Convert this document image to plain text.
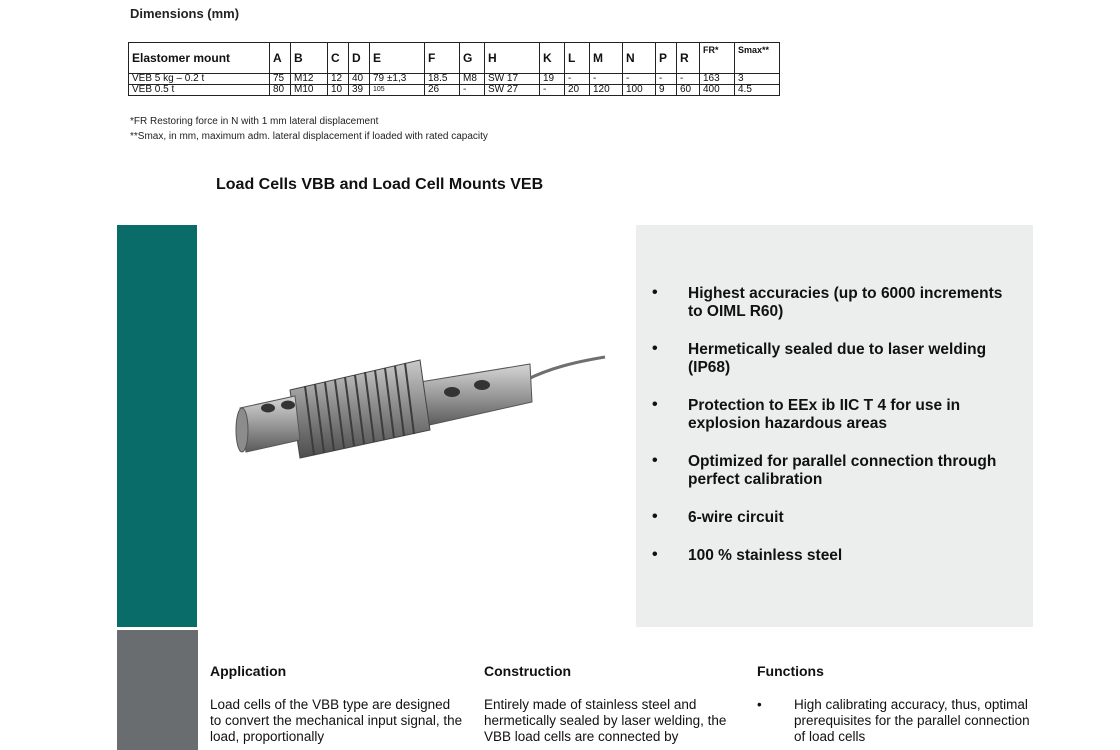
Dimensions (mm)
Elastomer mount	A	B	C	D	E	F	G	H	K	L	M	N	P	R	FR*	Smax**
VEB 5 kg – 0.2 t	75	M12	12	40	79 ±1,3	18.5	M8	SW 17	19	-	-	-	-	-	163	3
VEB 0.5 t	80	M10	10	39	105	26	-	SW 27	-	20	120	100	9	60	400	4.5
*FR Restoring force in N with 1 mm lateral displacement
**Smax, in mm, maximum adm. lateral displacement if loaded with rated capacity
Load Cells VBB and Load Cell Mounts VEB
• Highest accuracies (up to 6000 increments to OIML R60)
• Hermetically sealed due to laser welding (IP68)
• Protection to EEx ib IIC T 4 for use in explosion hazardous areas
• Optimized for parallel connection through perfect calibration
• 6-wire circuit
• 100 % stainless steel
Application	Construction	Functions
Load cells of the VBB type are designed to convert the mechanical input signal, the load, proportionally
Entirely made of stainless steel and hermetically sealed by laser welding, the VBB load cells are connected by
• High calibrating accuracy, thus, optimal prerequisites for the parallel connection of load cells
